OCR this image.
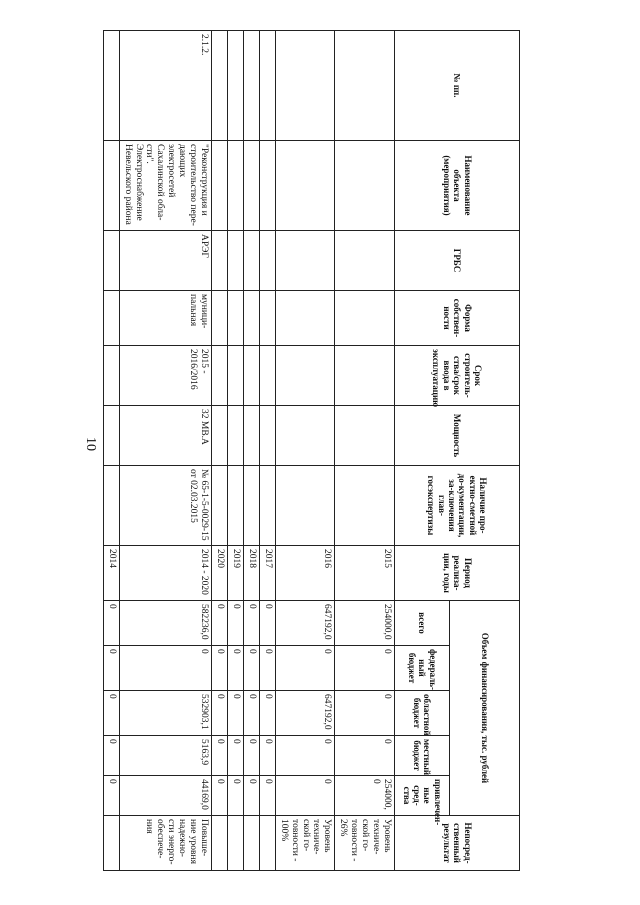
10
№ пп.	Наименование объекта (мероприятия)	ГРБС	Форма собствен-ности	Срок строитель-ства/срок ввода в эксплуатацию	Мощность	Наличие про-ектно-сметной до-кументации, за-ключения глав-госэкспертизы	Период реализа-ции, годы	Объем финансирования, тыс. рублей					Непосред-ственный результат
								всего	федераль-ный бюджет	областной бюджет	местный бюджет	привлечен-ные сред-ства	
							2015	254000,0	0	0	0	254000,0	Уровень техниче-ской го-товности - 26%
							2016	647192,0	0	647192,0	0	0	Уровень техниче-ской го-товности - 100%
							2017	0	0	0	0	0	
							2018	0	0	0	0	0	
							2019	0	0	0	0	0	
							2020	0	0	0	0	0	
2.1.2.	"Реконструкция и строительство пере-дающих электросетей Сахалинской обла-сти". Электроснабжение Невельского района	АРЭГ	муници-пальная	2015 - 2016/2016	32 МВ.А	№ 65-1-5-0029-15 от 02.03.2015	2014 - 2020	582236,0	0	532903,1	5163,9	44169,0	Повыше-ние уровня надежно-сти энерго-обеспече-ния
							2014	0	0	0	0	0	
